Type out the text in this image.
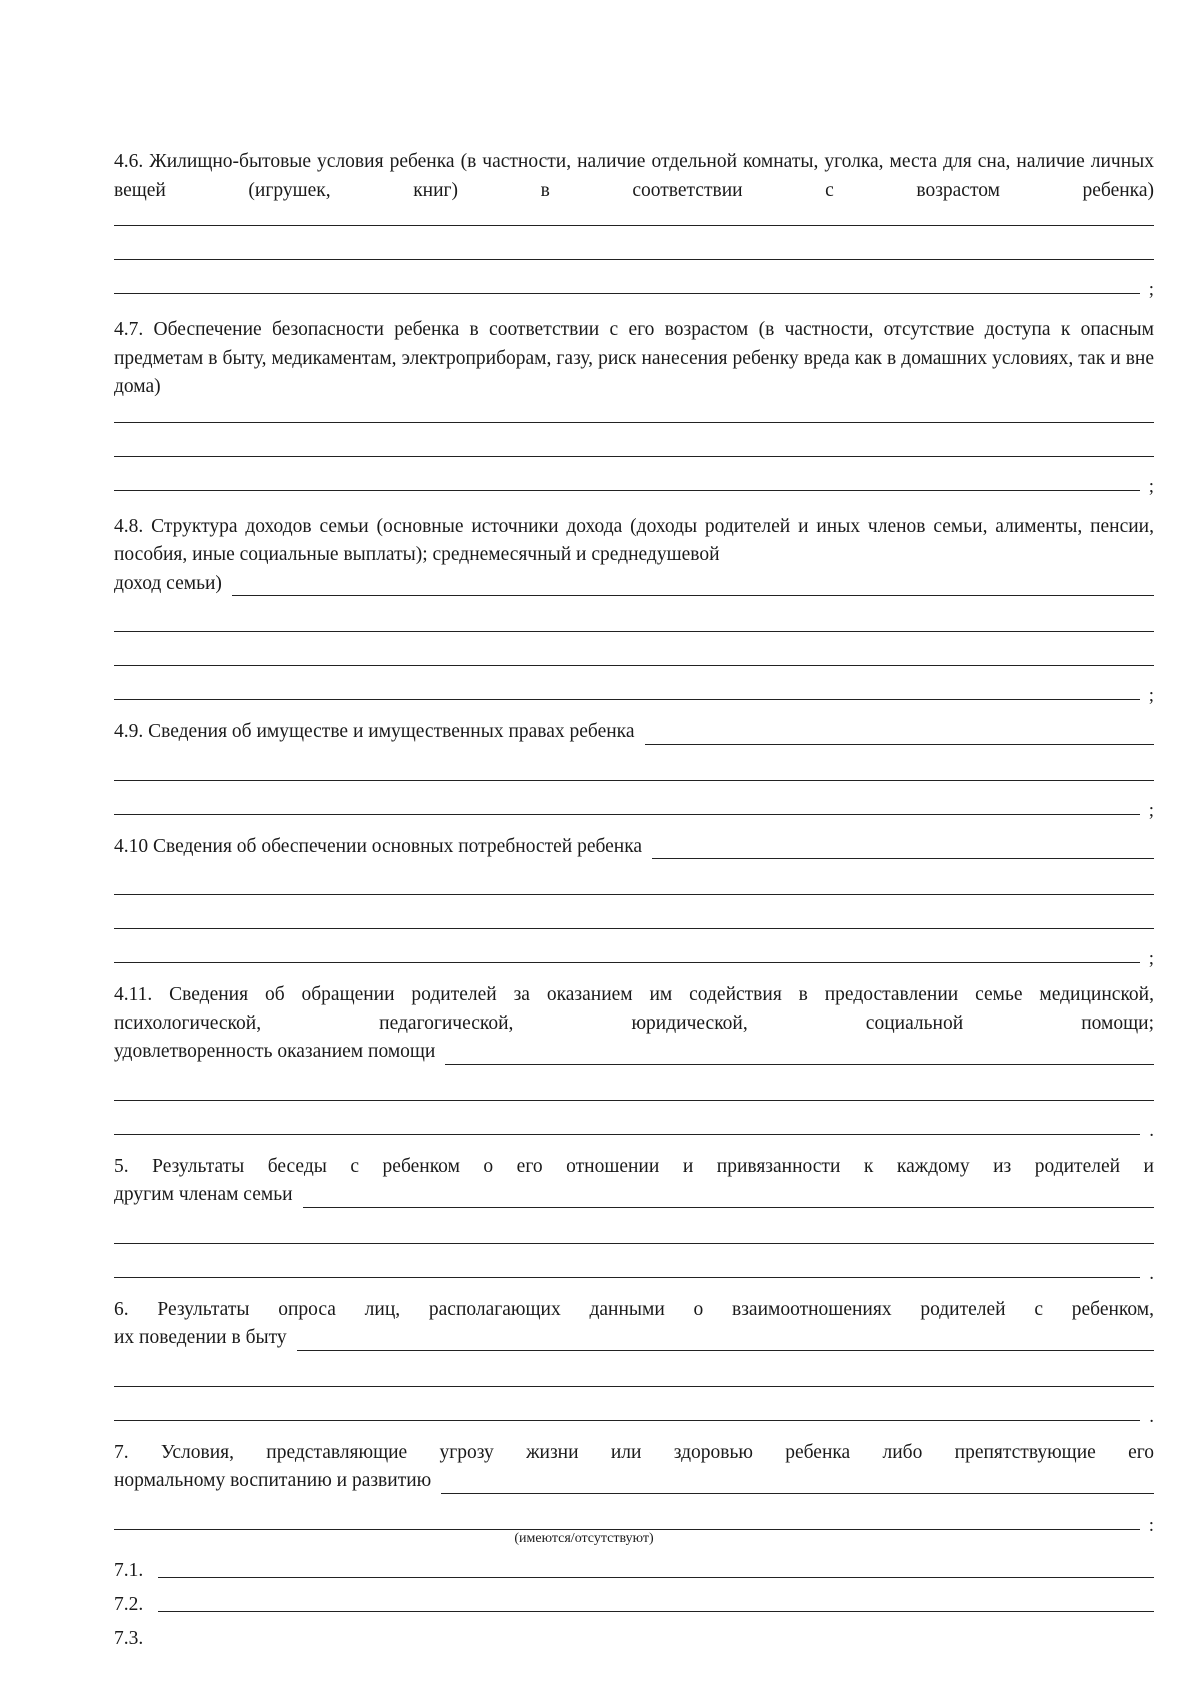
4.6. Жилищно-бытовые условия ребенка (в частности, наличие отдельной комнаты, уголка, места для сна, наличие личных вещей (игрушек, книг) в соответствии с возрастом ребенка)

;

4.7. Обеспечение безопасности ребенка в соответствии с его возрастом (в частности, отсутствие доступа к опасным предметам в быту, медикаментам, электроприборам, газу, риск нанесения ребенку вреда как в домашних условиях, так и вне дома)

;

4.8. Структура доходов семьи (основные источники дохода (доходы родителей и иных членов семьи, алименты, пенсии, пособия, иные социальные выплаты); среднемесячный и среднедушевой

доход семьи)
;
4.9. Сведения об имуществе и имущественных правах ребенка
;
4.10 Сведения об обеспечении основных потребностей ребенка
;

4.11. Сведения об обращении родителей за оказанием им содействия в предоставлении семье медицинской, психологической, педагогической, юридической, социальной помощи;

удовлетворенность оказанием помощи
.

5. Результаты беседы с ребенком о его отношении и привязанности к каждому из родителей и

другим членам семьи
.

6. Результаты опроса лиц, располагающих данными о взаимоотношениях родителей с ребенком,

их поведении в быту
.

7. Условия, представляющие угрозу жизни или здоровью ребенка либо препятствующие его

нормальному воспитанию и развитию
:
(имеются/отсутствуют)
7.1.
7.2.
7.3.
